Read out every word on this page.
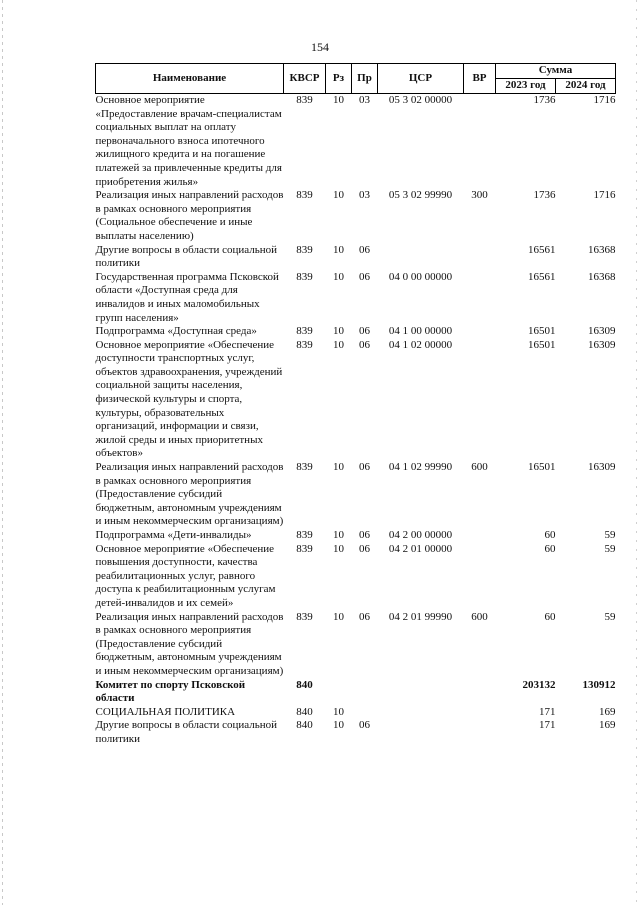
154
Наименование	КВСР	Рз	Пр	ЦСР	ВР	Сумма	
						2023 год	2024 год
Основное мероприятие «Предоставление врачам-специалистам социальных выплат на оплату первоначального взноса ипотечного жилищного кредита и на погашение платежей за привлеченные кредиты для приобретения жилья»	839	10	03	05 3 02 00000		1736	1716
Реализация иных направлений расходов в рамках основного мероприятия (Социальное обеспечение и иные выплаты населению)	839	10	03	05 3 02 99990	300	1736	1716
Другие вопросы в области социальной политики	839	10	06			16561	16368
Государственная программа Псковской области «Доступная среда для инвалидов и иных маломобильных групп населения»	839	10	06	04 0 00 00000		16561	16368
Подпрограмма «Доступная среда»	839	10	06	04 1 00 00000		16501	16309
Основное мероприятие «Обеспечение доступности транспортных услуг, объектов здравоохранения, учреждений социальной защиты населения, физической культуры и спорта, культуры, образовательных организаций, информации и связи, жилой среды и иных приоритетных объектов»	839	10	06	04 1 02 00000		16501	16309
Реализация иных направлений расходов в рамках основного мероприятия (Предоставление субсидий бюджетным, автономным учреждениям и иным некоммерческим организациям)	839	10	06	04 1 02 99990	600	16501	16309
Подпрограмма «Дети-инвалиды»	839	10	06	04 2 00 00000		60	59
Основное мероприятие «Обеспечение повышения доступности, качества реабилитационных услуг, равного доступа к реабилитационным услугам детей-инвалидов и их семей»	839	10	06	04 2 01 00000		60	59
Реализация иных направлений расходов в рамках основного мероприятия (Предоставление субсидий бюджетным, автономным учреждениям и иным некоммерческим организациям)	839	10	06	04 2 01 99990	600	60	59
Комитет по спорту Псковской области	840					203132	130912
СОЦИАЛЬНАЯ ПОЛИТИКА	840	10				171	169
Другие вопросы в области социальной политики	840	10	06			171	169
